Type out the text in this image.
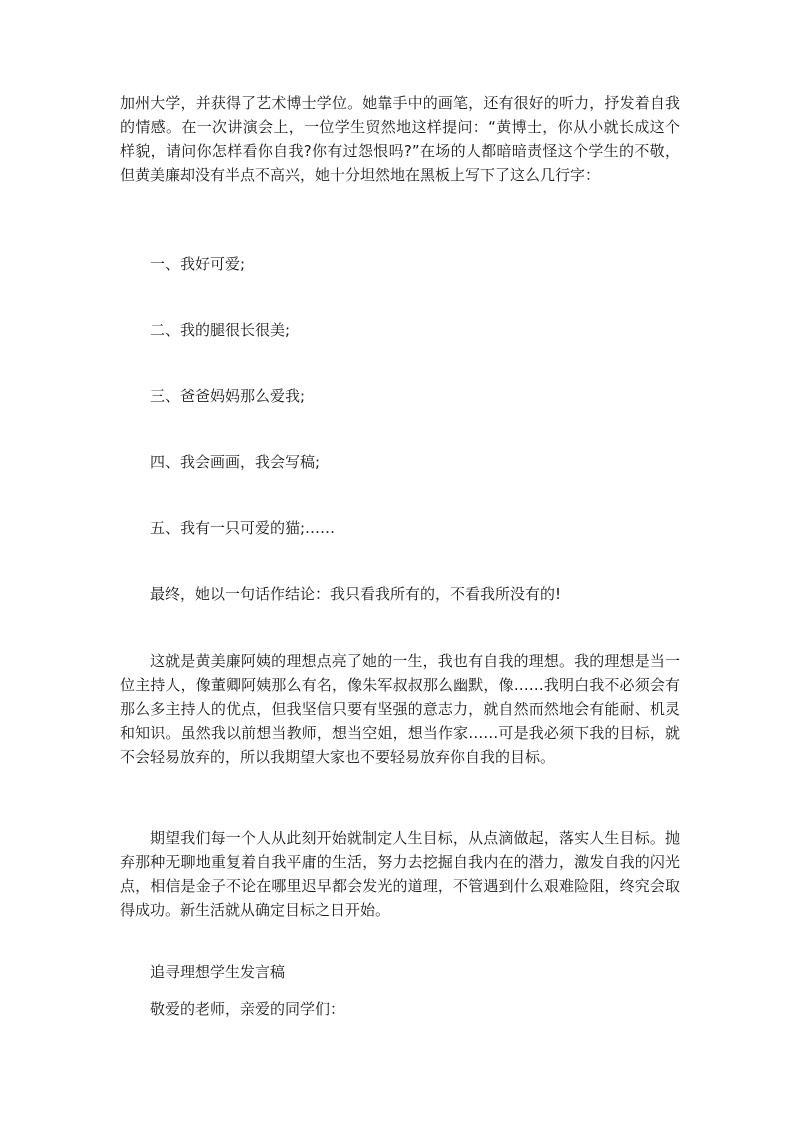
加州大学，并获得了艺术博士学位。她靠手中的画笔，还有很好的听力，抒发着自我的情感。在一次讲演会上，一位学生贸然地这样提问：“黄博士，你从小就长成这个样貌，请问你怎样看你自我?你有过怨恨吗?”在场的人都暗暗责怪这个学生的不敬，但黄美廉却没有半点不高兴，她十分坦然地在黑板上写下了这么几行字：

一、我好可爱;

二、我的腿很长很美;

三、爸爸妈妈那么爱我;

四、我会画画，我会写稿;

五、我有一只可爱的猫;……

最终，她以一句话作结论：我只看我所有的，不看我所没有的!

这就是黄美廉阿姨的理想点亮了她的一生，我也有自我的理想。我的理想是当一位主持人，像董卿阿姨那么有名，像朱军叔叔那么幽默，像……我明白我不必须会有那么多主持人的优点，但我坚信只要有坚强的意志力，就自然而然地会有能耐、机灵和知识。虽然我以前想当教师，想当空姐，想当作家……可是我必须下我的目标，就不会轻易放弃的，所以我期望大家也不要轻易放弃你自我的目标。

期望我们每一个人从此刻开始就制定人生目标，从点滴做起，落实人生目标。抛弃那种无聊地重复着自我平庸的生活，努力去挖掘自我内在的潜力，激发自我的闪光点，相信是金子不论在哪里迟早都会发光的道理，不管遇到什么艰难险阻，终究会取得成功。新生活就从确定目标之日开始。

追寻理想学生发言稿

敬爱的老师，亲爱的同学们：
